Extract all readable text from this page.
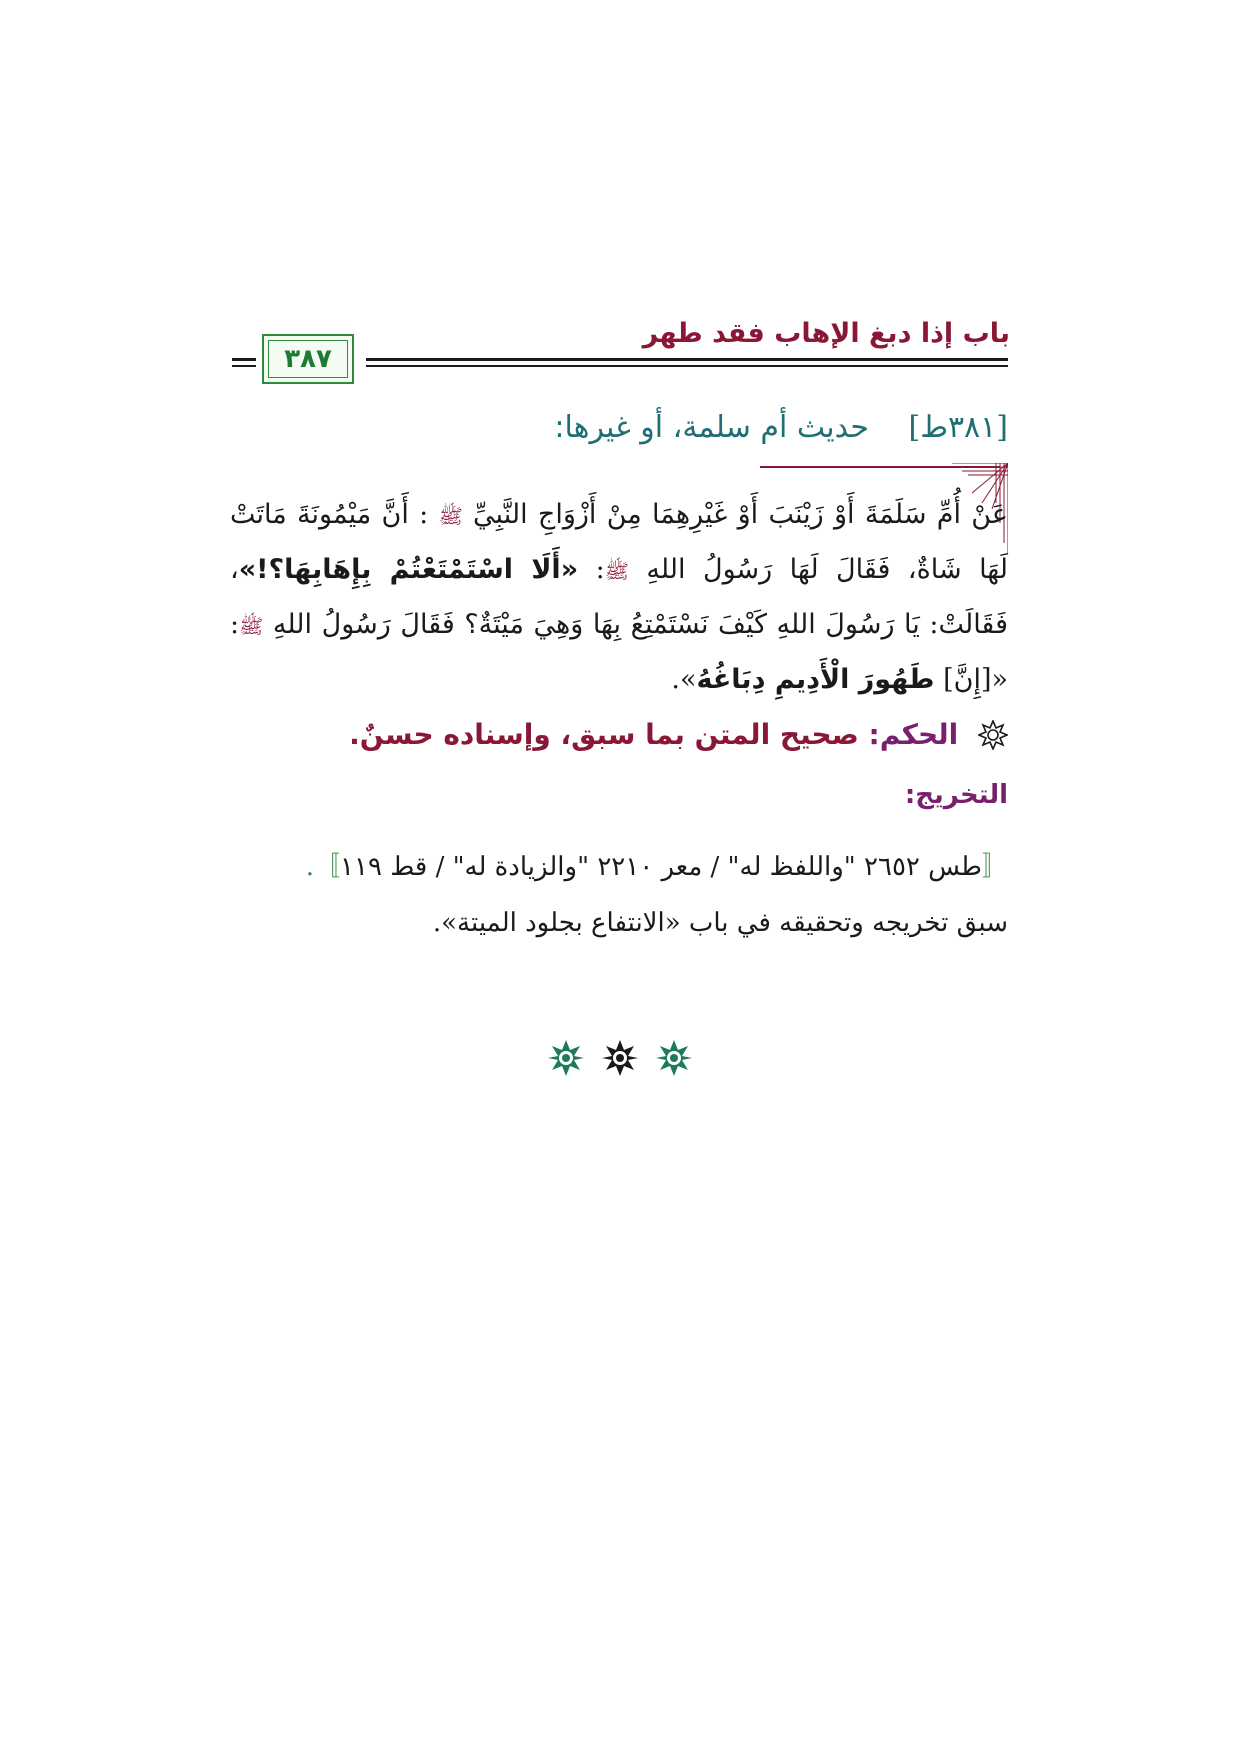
باب إذا دبغ الإهاب فقد طهر
٣٨٧
[٣٨١ط] حديث أم سلمة، أو غيرها:
عَنْ أُمِّ سَلَمَةَ أَوْ زَيْنَبَ أَوْ غَيْرِهِمَا مِنْ أَزْوَاجِ النَّبِيِّ ﷺ : أَنَّ مَيْمُونَةَ مَاتَتْ لَهَا شَاةٌ، فَقَالَ لَهَا رَسُولُ اللهِ ﷺ: «أَلَا اسْتَمْتَعْتُمْ بِإِهَابِهَا؟!»، فَقَالَتْ: يَا رَسُولَ اللهِ كَيْفَ نَسْتَمْتِعُ بِهَا وَهِيَ مَيْتَةٌ؟ فَقَالَ رَسُولُ اللهِ ﷺ: «[إِنَّ] طَهُورَ الْأَدِيمِ دِبَاغُهُ».
الحكم: صحيح المتن بما سبق، وإسناده حسنٌ.
التخريج:
〚طس ٢٦٥٢ "واللفظ له" / معر ٢٢١٠ "والزيادة له" / قط ١١٩〛.
سبق تخريجه وتحقيقه في باب «الانتفاع بجلود الميتة».
